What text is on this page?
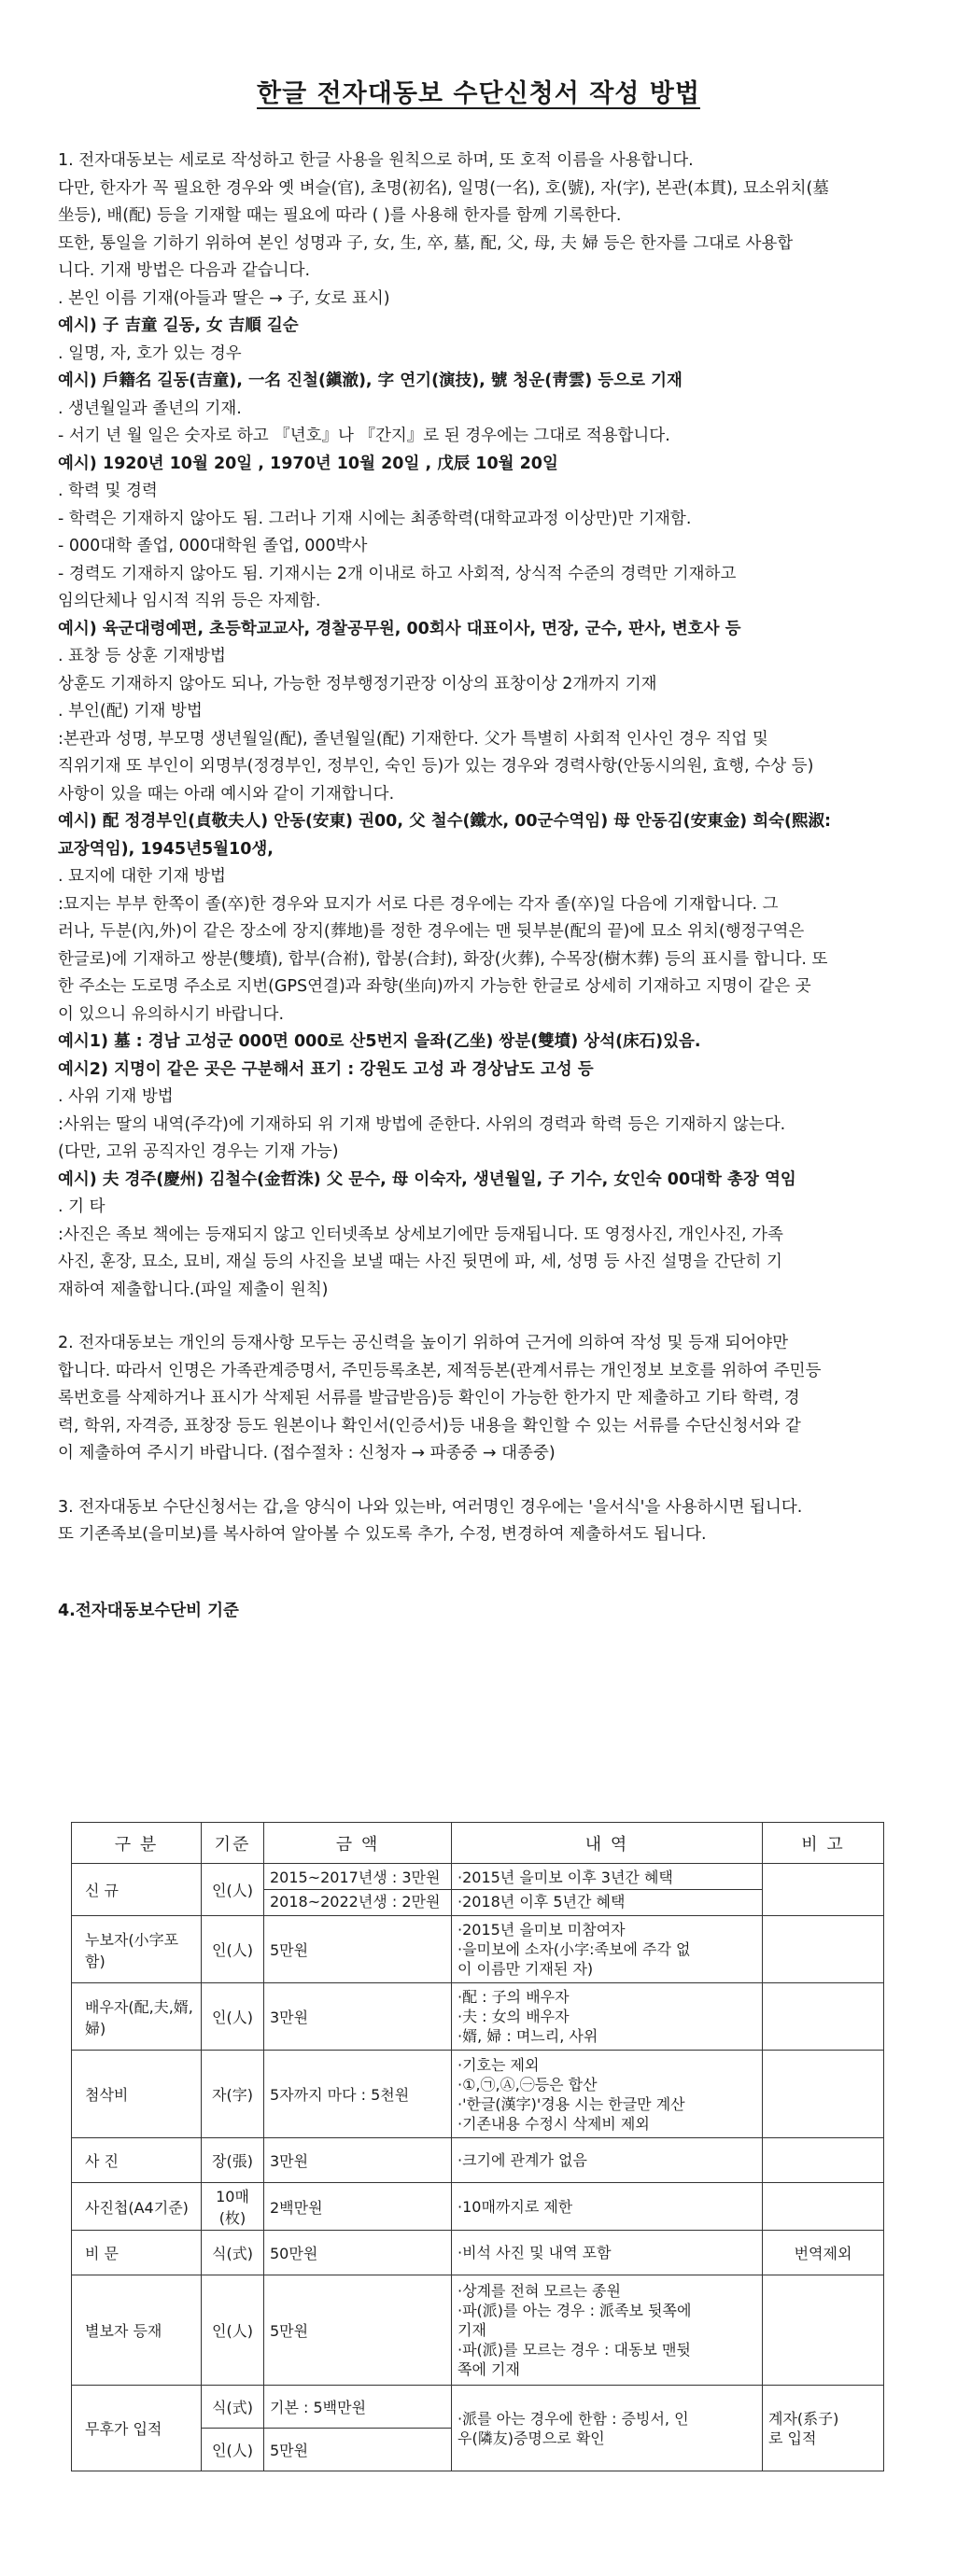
한글 전자대동보 수단신청서 작성 방법
1. 전자대동보는 세로로 작성하고 한글 사용을 원칙으로 하며, 또 호적 이름을 사용합니다.
다만, 한자가 꼭 필요한 경우와 옛 벼슬(官), 초명(初名), 일명(一名), 호(號), 자(字), 본관(本貫), 묘소위치(墓
坐등), 배(配) 등을 기재할 때는 필요에 따라 ( )를 사용해 한자를 함께 기록한다.
또한, 통일을 기하기 위하여 본인 성명과 子, 女, 生, 卒, 墓, 配, 父, 母, 夫 婦 등은 한자를 그대로 사용합
니다. 기재 방법은 다음과 같습니다.
. 본인 이름 기재(아들과 딸은 → 子, 女로 표시)
예시) 子 吉童 길동, 女 吉順 길순
. 일명, 자, 호가 있는 경우
예시) 戶籍名 길동(吉童), 一名 진철(鎭澈), 字 연기(演技), 號 청운(靑雲) 등으로 기재
. 생년월일과 졸년의 기재.
- 서기 년 월 일은 숫자로 하고 『년호』나 『간지』로 된 경우에는 그대로 적용합니다.
예시) 1920년 10월 20일 , 1970년 10월 20일 , 戊辰 10월 20일
. 학력 및 경력
- 학력은 기재하지 않아도 됨. 그러나 기재 시에는 최종학력(대학교과정 이상만)만 기재함.
- 000대학 졸업, 000대학원 졸업, 000박사
- 경력도 기재하지 않아도 됨. 기재시는 2개 이내로 하고 사회적, 상식적 수준의 경력만 기재하고
임의단체나 임시적 직위 등은 자제함.
예시) 육군대령예편, 초등학교교사, 경찰공무원, 00회사 대표이사, 면장, 군수, 판사, 변호사 등
. 표창 등 상훈 기재방법
상훈도 기재하지 않아도 되나, 가능한 정부행정기관장 이상의 표창이상 2개까지 기재
. 부인(配) 기재 방법
:본관과 성명, 부모명 생년월일(配), 졸년월일(配) 기재한다. 父가 특별히 사회적 인사인 경우 직업 및
직위기재 또 부인이 외명부(정경부인, 정부인, 숙인 등)가 있는 경우와 경력사항(안동시의원, 효행, 수상 등)
사항이 있을 때는 아래 예시와 같이 기재합니다.
예시) 配 정경부인(貞敬夫人) 안동(安東) 권00, 父 철수(鐵水, 00군수역임) 母 안동김(安東金) 희숙(熙淑:
교장역임), 1945년5월10생,
. 묘지에 대한 기재 방법
:묘지는 부부 한쪽이 졸(卒)한 경우와 묘지가 서로 다른 경우에는 각자 졸(卒)일 다음에 기재합니다. 그
러나, 두분(內,外)이 같은 장소에 장지(葬地)를 정한 경우에는 맨 뒷부분(配의 끝)에 묘소 위치(행정구역은
한글로)에 기재하고 쌍분(雙墳), 합부(合祔), 합봉(合封), 화장(火葬), 수목장(樹木葬) 등의 표시를 합니다. 또
한 주소는 도로명 주소로 지번(GPS연결)과 좌향(坐向)까지 가능한 한글로 상세히 기재하고 지명이 같은 곳
이 있으니 유의하시기 바랍니다.
예시1) 墓 : 경남 고성군 000면 000로 산5번지 을좌(乙坐) 쌍분(雙墳) 상석(床石)있음.
예시2) 지명이 같은 곳은 구분해서 표기 : 강원도 고성 과 경상남도 고성 등
. 사위 기재 방법
:사위는 딸의 내역(주각)에 기재하되 위 기재 방법에 준한다. 사위의 경력과 학력 등은 기재하지 않는다.
(다만, 고위 공직자인 경우는 기재 가능)
예시) 夫 경주(慶州) 김철수(金哲洙) 父 문수, 母 이숙자, 생년월일, 子 기수, 女인숙 00대학 총장 역임
. 기 타
:사진은 족보 책에는 등재되지 않고 인터넷족보 상세보기에만 등재됩니다. 또 영정사진, 개인사진, 가족
사진, 훈장, 묘소, 묘비, 재실 등의 사진을 보낼 때는 사진 뒷면에 파, 세, 성명 등 사진 설명을 간단히 기
재하여 제출합니다.(파일 제출이 원칙)
2. 전자대동보는 개인의 등재사항 모두는 공신력을 높이기 위하여 근거에 의하여 작성 및 등재 되어야만
합니다. 따라서 인명은 가족관계증명서, 주민등록초본, 제적등본(관계서류는 개인정보 보호를 위하여 주민등
록번호를 삭제하거나 표시가 삭제된 서류를 발급받음)등 확인이 가능한 한가지 만 제출하고 기타 학력, 경
력, 학위, 자격증, 표창장 등도 원본이나 확인서(인증서)등 내용을 확인할 수 있는 서류를 수단신청서와 같
이 제출하여 주시기 바랍니다. (접수절차 : 신청자 → 파종중 → 대종중)
3. 전자대동보 수단신청서는 갑,을 양식이 나와 있는바, 여러명인 경우에는 '을서식'을 사용하시면 됩니다.
또 기존족보(을미보)를 복사하여 알아볼 수 있도록 추가, 수정, 변경하여 제출하셔도 됩니다.
4.전자대동보수단비 기준
구 분	기준	금 액	내 역	비 고
신 규	인(人)	2015~2017년생 : 3만원
2018~2022년생 : 2만원	·2015년 을미보 이후 3년간 혜택
·2018년 이후 5년간 혜택	

누보자(小字포함)	인(人)	5만원	·2015년 을미보 미참여자
·을미보에 소자(小字:족보에 주각 없
이 이름만 기재된 자)	

배우자(配,夫,婿,婦)	인(人)	3만원	·配 : 子의 배우자
·夫 : 女의 배우자
·婿, 婦 : 며느리, 사위	

첨삭비	자(字)	5자까지 마다 : 5천원	·기호는 제외
·①,㉠,Ⓐ,㊀등은 합산
·'한글(漢字)'경용 시는 한글만 계산
·기존내용 수정시 삭제비 제외	

사 진	장(張)	3만원	·크기에 관계가 없음	

사진첩(A4기준)	10매(枚)	2백만원	·10매까지로 제한	

비 문	식(式)	50만원	·비석 사진 및 내역 포함	번역제외
별보자 등재	인(人)	5만원	·상계를 전혀 모르는 종원
·파(派)를 아는 경우 : 派족보 뒷쪽에
기재
·파(派)를 모르는 경우 : 대동보 맨뒷
쪽에 기재	

무후가 입적	식(式)	기본 : 5백만원	·派를 아는 경우에 한함 : 증빙서, 인
우(隣友)증명으로 확인	계자(系子)
로 입적

	인(人)	5만원		
